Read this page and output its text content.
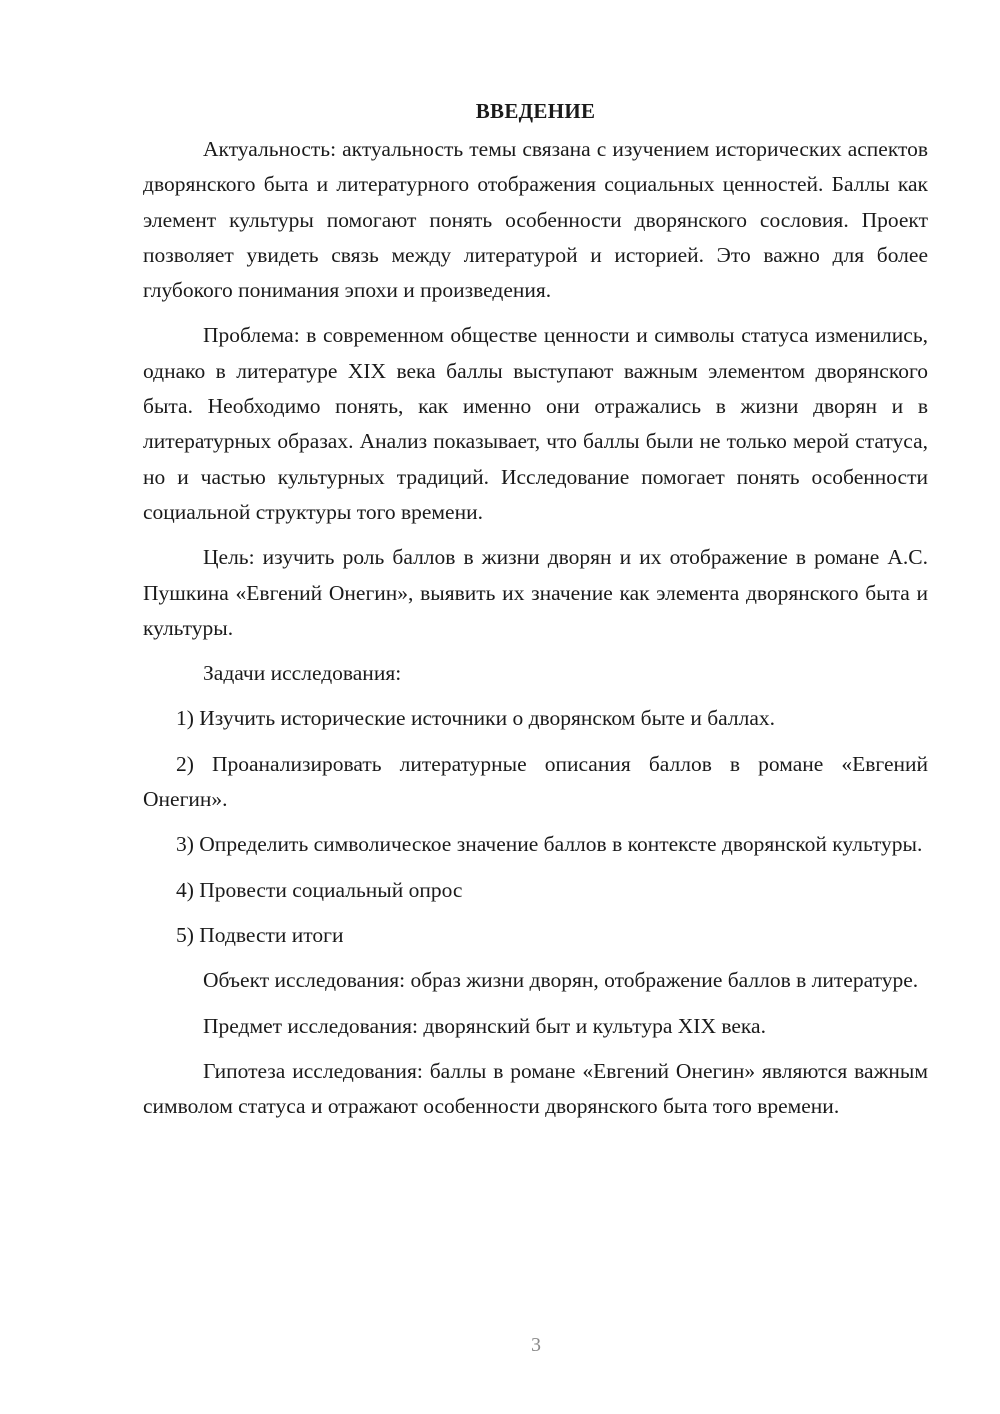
ВВЕДЕНИЕ

Актуальность: актуальность темы связана с изучением исторических аспектов дворянского быта и литературного отображения социальных ценностей. Баллы как элемент культуры помогают понять особенности дворянского сословия. Проект позволяет увидеть связь между литературой и историей. Это важно для более глубокого понимания эпохи и произведения.

Проблема: в современном обществе ценности и символы статуса изменились, однако в литературе XIX века баллы выступают важным элементом дворянского быта. Необходимо понять, как именно они отражались в жизни дворян и в литературных образах. Анализ показывает, что баллы были не только мерой статуса, но и частью культурных традиций. Исследование помогает понять особенности социальной структуры того времени.

Цель: изучить роль баллов в жизни дворян и их отображение в романе А.С. Пушкина «Евгений Онегин», выявить их значение как элемента дворянского быта и культуры.

Задачи исследования:

1) Изучить исторические источники о дворянском быте и баллах.

2) Проанализировать литературные описания баллов в романе «Евгений Онегин».

3) Определить символическое значение баллов в контексте дворянской культуры.

4) Провести социальный опрос

5) Подвести итоги

Объект исследования: образ жизни дворян, отображение баллов в литературе.

Предмет исследования: дворянский быт и культура XIX века.

Гипотеза исследования: баллы в романе «Евгений Онегин» являются важным символом статуса и отражают особенности дворянского быта того времени.

3
